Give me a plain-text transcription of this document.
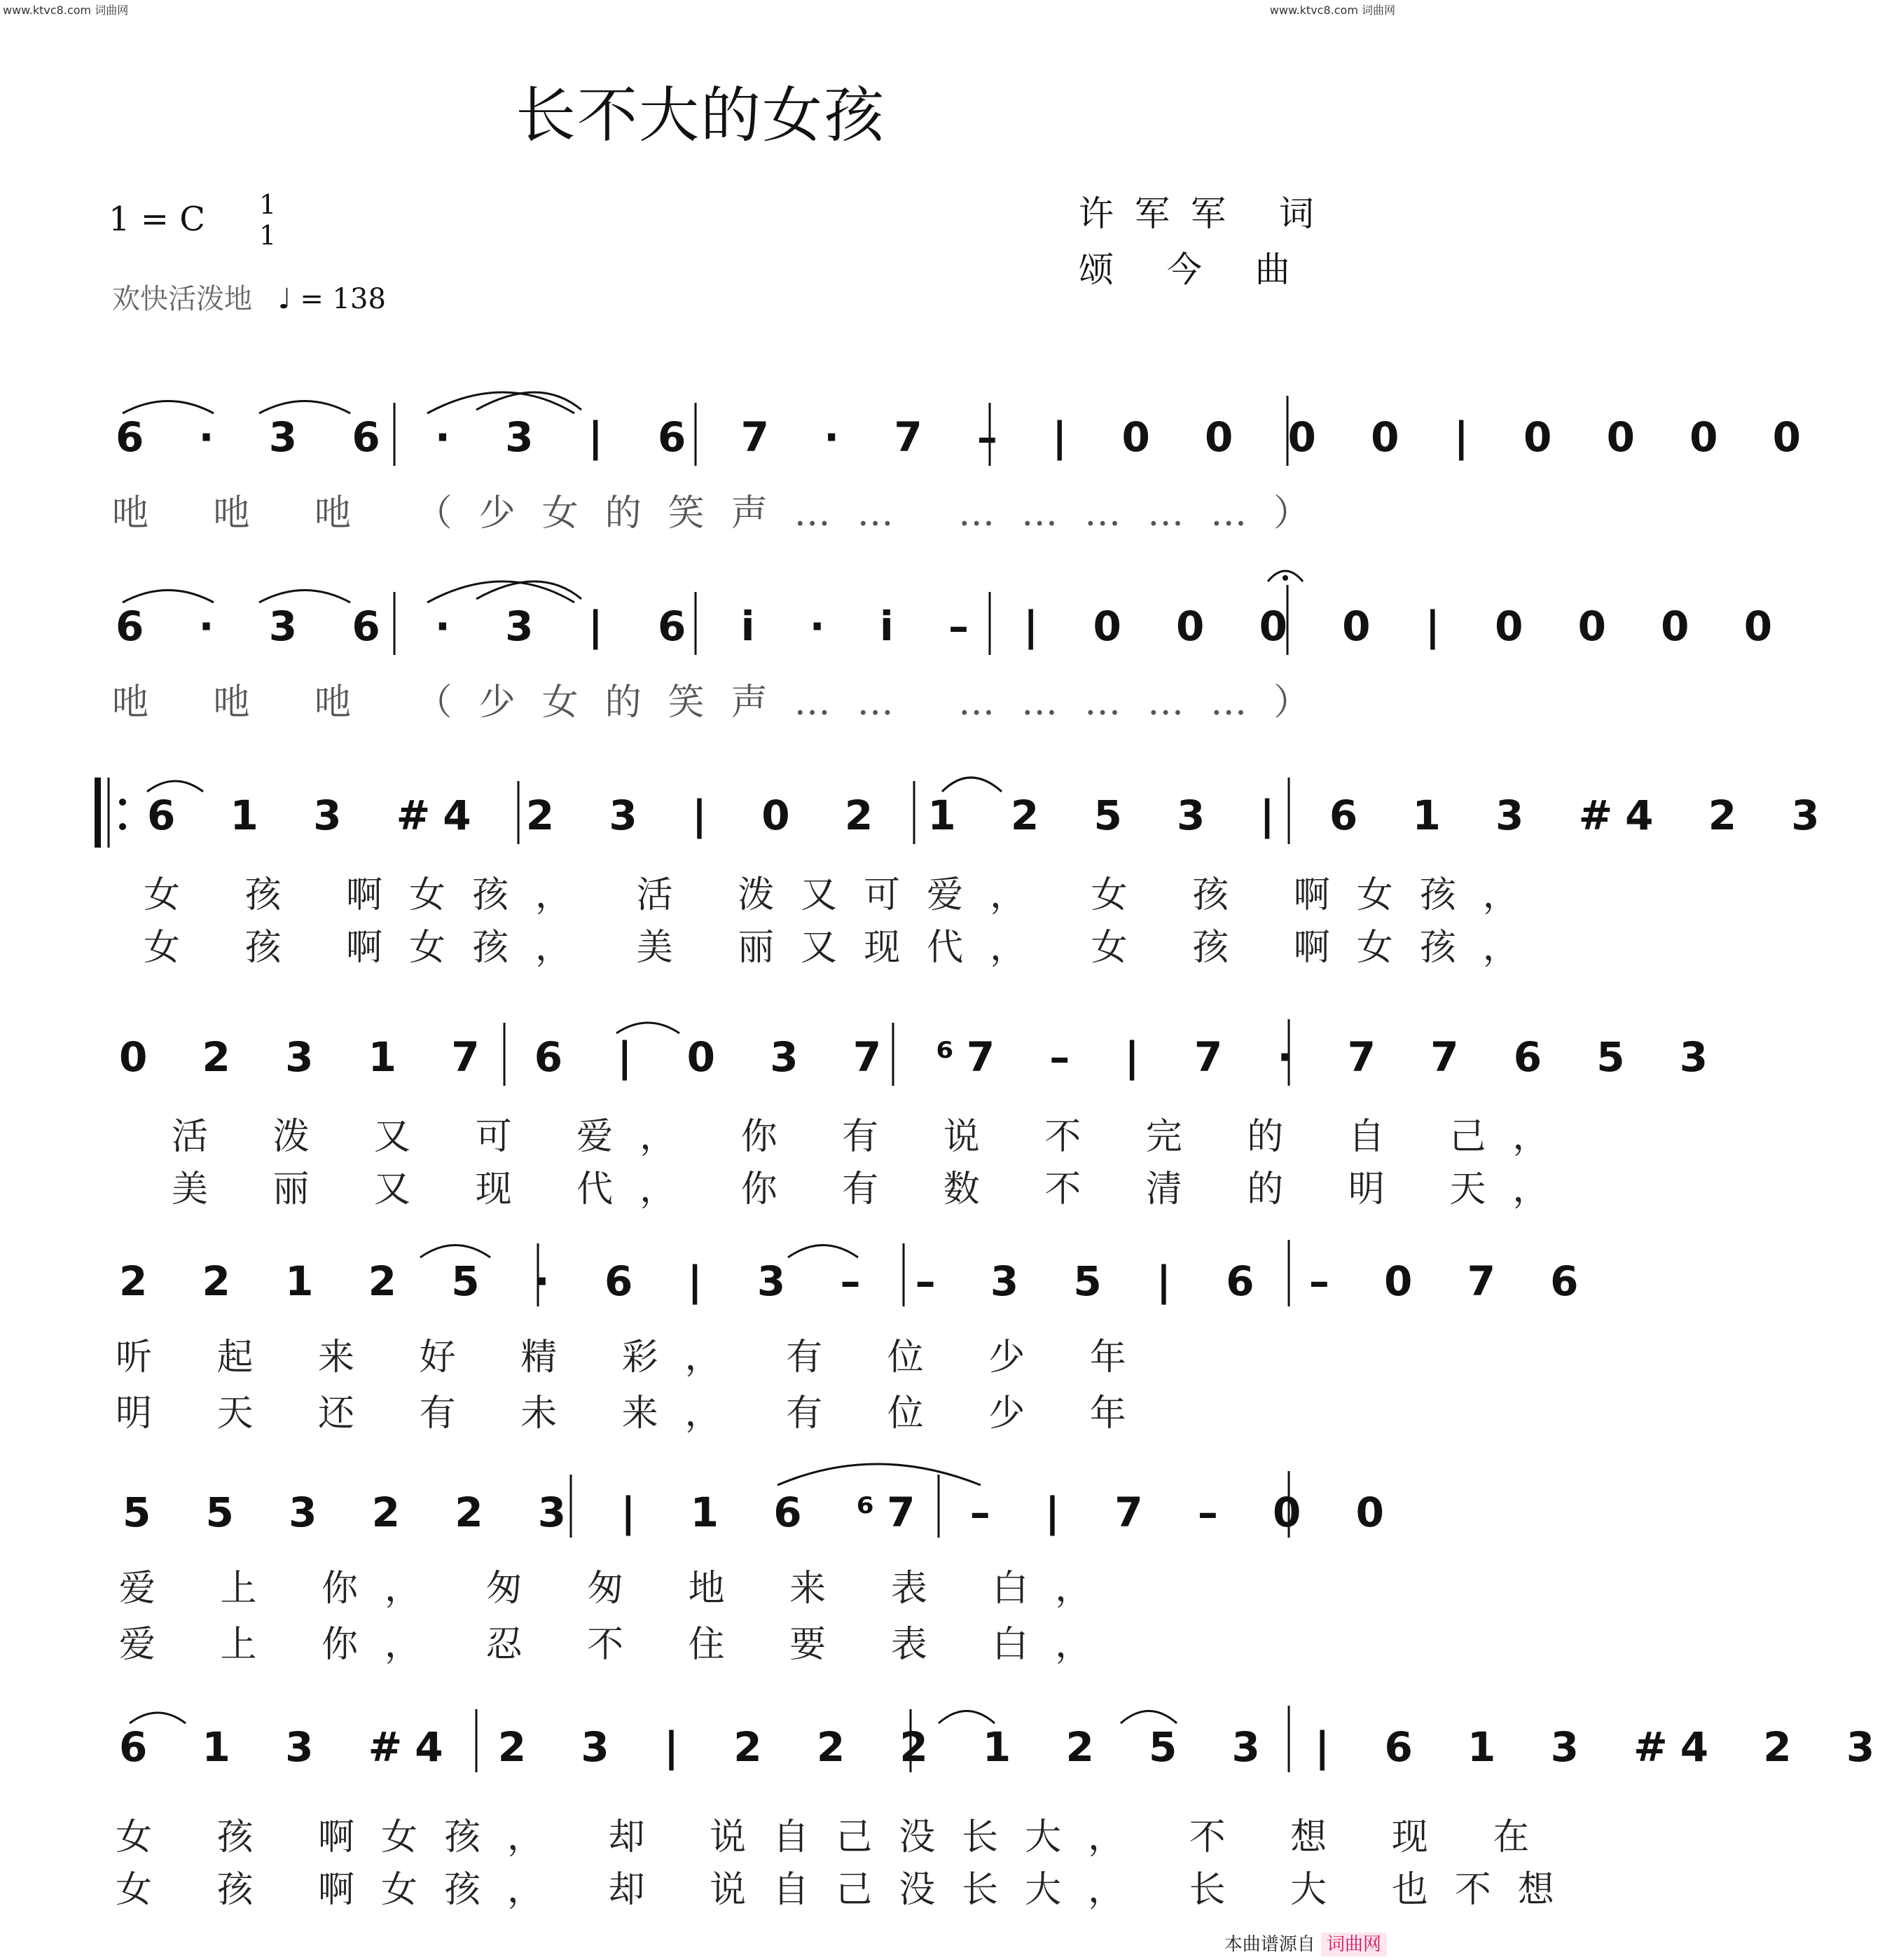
www.ktvc8.com 词曲网	www.ktvc8.com 词曲网
长不大的女孩
1 = C 1
1
欢快活泼地 ♩ = 138
许军军 词
颂 今 曲
6 · 3 6 · 3 | 6 7 · 7 – | 0 0 0 0 | 0 0 0 0
吔 吔 吔 （少女的笑声…… ……………）
6 · 3 6 · 3 | 6 i · i – | 0 0 0 0 | 0 0 0 0
吔 吔 吔 （少女的笑声…… ……………）
6 1 3 #4 2 3 | 0 2 1 2 5 3 | 6 1 3 #4 2 3
女 孩 啊女孩， 活 泼又可爱， 女 孩 啊女孩，
女 孩 啊女孩， 美 丽又现代， 女 孩 啊女孩，
0 2 3 1 7 6 | 0 3 7 ⁶7 – | 7 · 7 7 6 5 3
活 泼 又 可 爱， 你 有 说 不 完 的 自 己，
美 丽 又 现 代， 你 有 数 不 清 的 明 天，
2 2 1 2 5 · 6 | 3 – – 3 5 | 6 – 0 7 6
听 起 来 好 精 彩， 有 位 少 年
明 天 还 有 未 来， 有 位 少 年
5 5 3 2 2 3 | 1 6 ⁶7 – | 7 – 0 0
爱 上 你， 匆 匆 地 来 表 白，
爱 上 你， 忍 不 住 要 表 白，
6 1 3 #4 2 3 | 2 2 2 1 2 5 3 | 6 1 3 #4 2 3
女 孩 啊女孩， 却 说自己没长大， 不 想 现 在
女 孩 啊女孩， 却 说自己没长大， 长 大 也不想
本曲谱源自 词曲网
